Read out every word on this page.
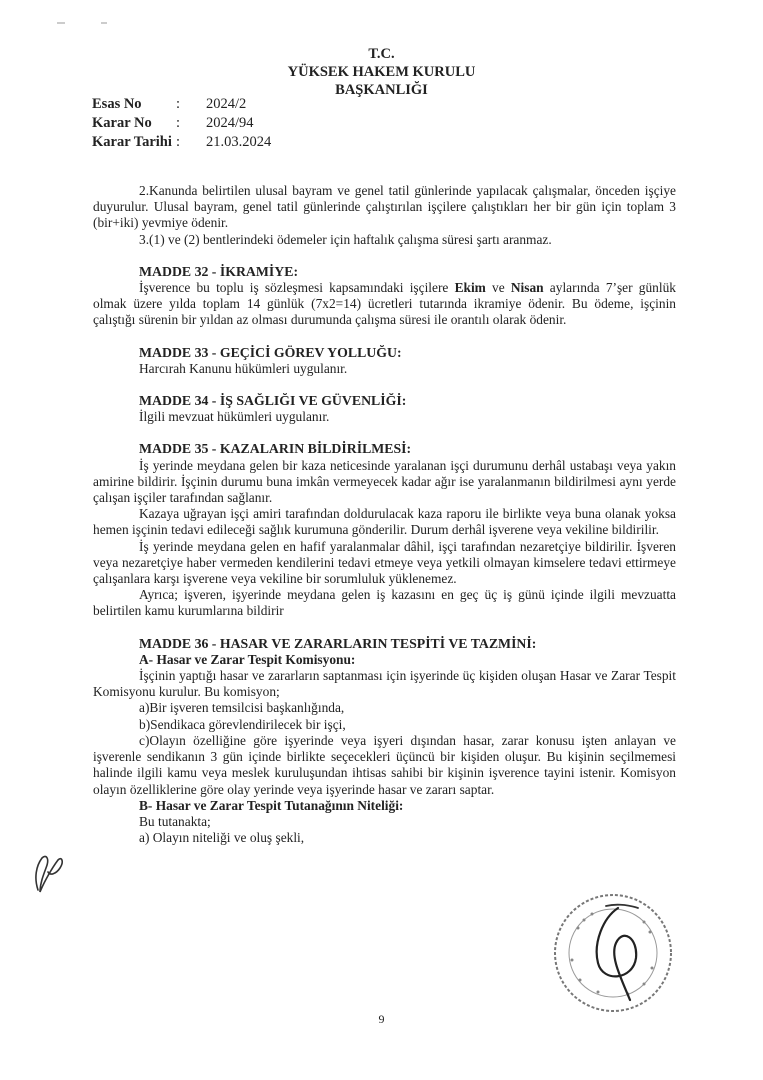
T.C.
YÜKSEK HAKEM KURULU
BAŞKANLIĞI
Esas No	:	2024/2
Karar No	:	2024/94
Karar Tarihi :	21.03.2024

2.Kanunda belirtilen ulusal bayram ve genel tatil günlerinde yapılacak çalışmalar, önceden işçiye duyurulur. Ulusal bayram, genel tatil günlerinde çalıştırılan işçilere çalıştıkları her bir gün için toplam 3 (bir+iki) yevmiye ödenir.

3.(1) ve (2) bentlerindeki ödemeler için haftalık çalışma süresi şartı aranmaz.

MADDE 32 - İKRAMİYE:

İşverence bu toplu iş sözleşmesi kapsamındaki işçilere Ekim ve Nisan aylarında 7’şer günlük olmak üzere yılda toplam 14 günlük (7x2=14) ücretleri tutarında ikramiye ödenir. Bu ödeme, işçinin çalıştığı sürenin bir yıldan az olması durumunda çalışma süresi ile orantılı olarak ödenir.

MADDE 33 - GEÇİCİ GÖREV YOLLUĞU:
Harcırah Kanunu hükümleri uygulanır.
MADDE 34 - İŞ SAĞLIĞI VE GÜVENLİĞİ:
İlgili mevzuat hükümleri uygulanır.
MADDE 35 - KAZALARIN BİLDİRİLMESİ:

İş yerinde meydana gelen bir kaza neticesinde yaralanan işçi durumunu derhâl ustabaşı veya yakın amirine bildirir. İşçinin durumu buna imkân vermeyecek kadar ağır ise yaralanmanın bildirilmesi aynı yerde çalışan işçiler tarafından sağlanır.

Kazaya uğrayan işçi amiri tarafından doldurulacak kaza raporu ile birlikte veya buna olanak yoksa hemen işçinin tedavi edileceği sağlık kurumuna gönderilir. Durum derhâl işverene veya vekiline bildirilir.

İş yerinde meydana gelen en hafif yaralanmalar dâhil, işçi tarafından nezaretçiye bildirilir. İşveren veya nezaretçiye haber vermeden kendilerini tedavi etmeye veya yetkili olmayan kimselere tedavi ettirmeye çalışanlara karşı işverene veya vekiline bir sorumluluk yüklenemez.

Ayrıca; işveren, işyerinde meydana gelen iş kazasını en geç üç iş günü içinde ilgili mevzuatta belirtilen kamu kurumlarına bildirir

MADDE 36 - HASAR VE ZARARLARIN TESPİTİ VE TAZMİNİ:
A- Hasar ve Zarar Tespit Komisyonu:

İşçinin yaptığı hasar ve zararların saptanması için işyerinde üç kişiden oluşan Hasar ve Zarar Tespit Komisyonu kurulur. Bu komisyon;

a)Bir işveren temsilcisi başkanlığında,
b)Sendikaca görevlendirilecek bir işçi,

c)Olayın özelliğine göre işyerinde veya işyeri dışından hasar, zarar konusu işten anlayan ve işverenle sendikanın 3 gün içinde birlikte seçecekleri üçüncü bir kişiden oluşur. Bu kişinin seçilmemesi halinde ilgili kamu veya meslek kuruluşundan ihtisas sahibi bir kişinin işverence tayini istenir. Komisyon olayın özelliklerine göre olay yerinde veya işyerinde hasar ve zararı saptar.

B- Hasar ve Zarar Tespit Tutanağının Niteliği:
Bu tutanakta;
a) Olayın niteliği ve oluş şekli,
9
